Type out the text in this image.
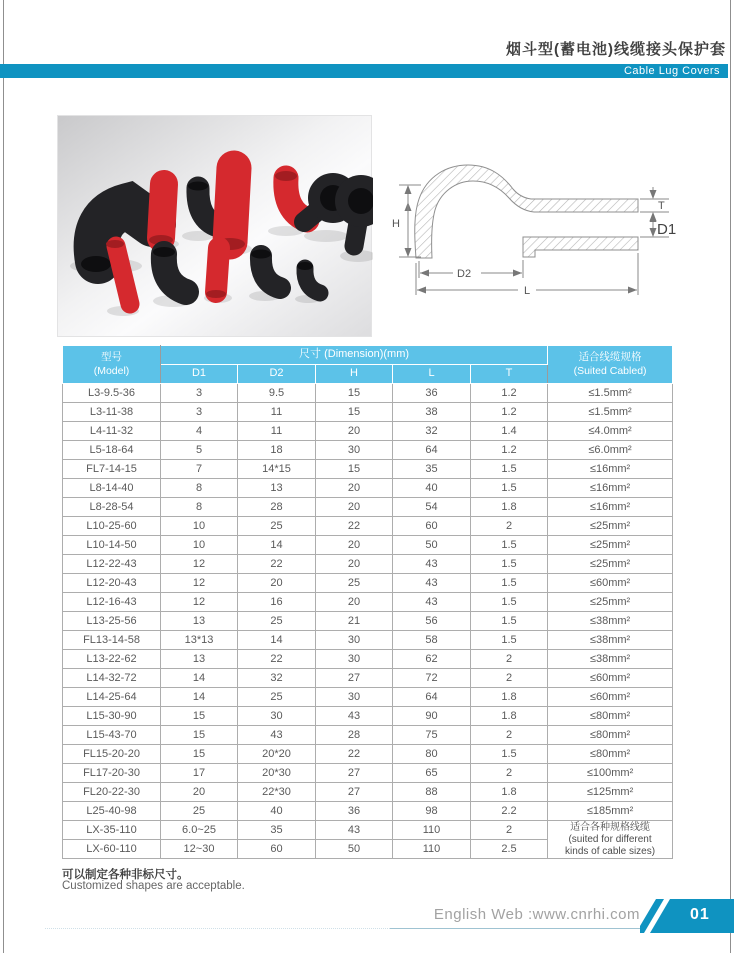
烟斗型(蓄电池)线缆接头保护套
Cable Lug Covers
H
T
D1
D2
L
型号
(Model)	尺寸 (Dimension)(mm)					适合线缆规格
(Suited Cabled)
	D1	D2	H	L	T	
L3-9.5-36	3	9.5	15	36	1.2	≤1.5mm²
L3-11-38	3	11	15	38	1.2	≤1.5mm²
L4-11-32	4	11	20	32	1.4	≤4.0mm²
L5-18-64	5	18	30	64	1.2	≤6.0mm²
FL7-14-15	7	14*15	15	35	1.5	≤16mm²
L8-14-40	8	13	20	40	1.5	≤16mm²
L8-28-54	8	28	20	54	1.8	≤16mm²
L10-25-60	10	25	22	60	2	≤25mm²
L10-14-50	10	14	20	50	1.5	≤25mm²
L12-22-43	12	22	20	43	1.5	≤25mm²
L12-20-43	12	20	25	43	1.5	≤60mm²
L12-16-43	12	16	20	43	1.5	≤25mm²
L13-25-56	13	25	21	56	1.5	≤38mm²
FL13-14-58	13*13	14	30	58	1.5	≤38mm²
L13-22-62	13	22	30	62	2	≤38mm²
L14-32-72	14	32	27	72	2	≤60mm²
L14-25-64	14	25	30	64	1.8	≤60mm²
L15-30-90	15	30	43	90	1.8	≤80mm²
L15-43-70	15	43	28	75	2	≤80mm²
FL15-20-20	15	20*20	22	80	1.5	≤80mm²
FL17-20-30	17	20*30	27	65	2	≤100mm²
FL20-22-30	20	22*30	27	88	1.8	≤125mm²
L25-40-98	25	40	36	98	2.2	≤185mm²
LX-35-110	6.0~25	35	43	110	2	适合各种规格线缆
(suited for different
kinds of cable sizes)
LX-60-110	12~30	60	50	110	2.5	
可以制定各种非标尺寸。
Customized shapes are acceptable.
English Web :www.cnrhi.com	01
